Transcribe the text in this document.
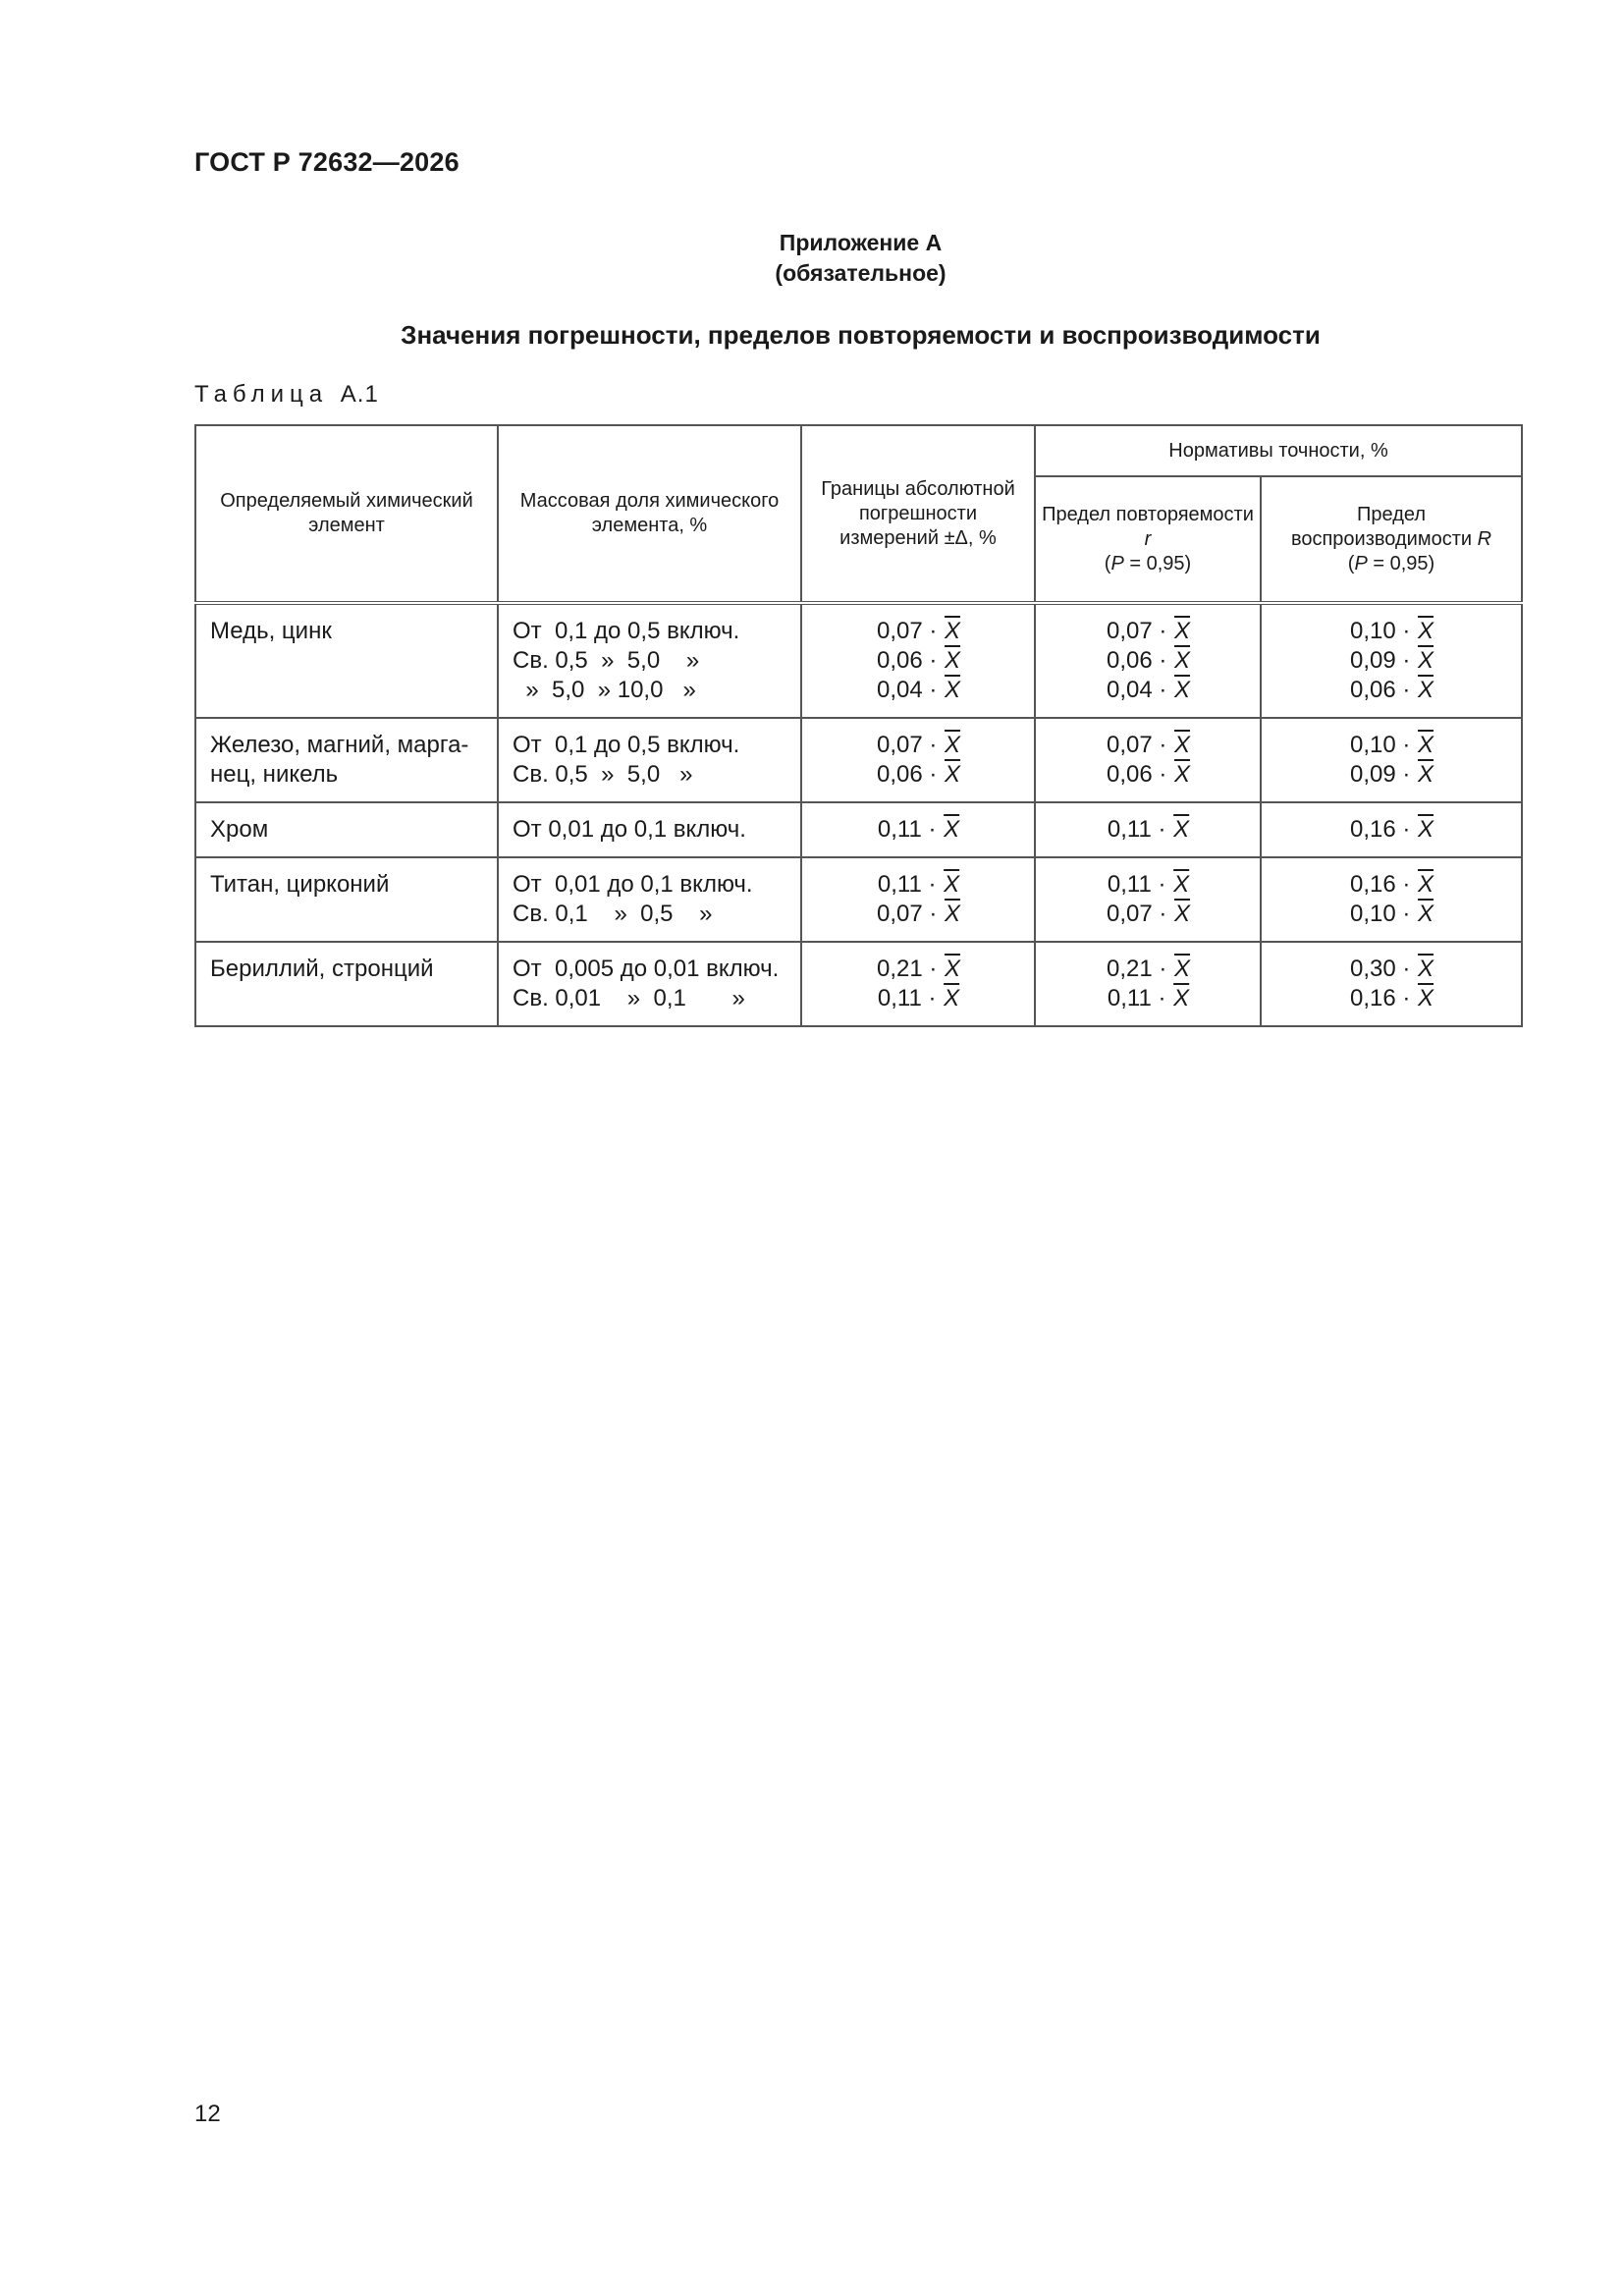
ГОСТ Р 72632—2026
Приложение А
(обязательное)
Значения погрешности, пределов повторяемости и воспроизводимости
Таблица А.1
Определяемый химический элемент	Массовая доля химического элемента, %	Границы абсолютной погрешности измерений ±Δ, %	Нормативы точности, %	
			Предел повторяемости r
(P = 0,95)	Предел воспроизводимости R
(P = 0,95)
Медь, цинк	От  0,1 до 0,5 включ.
Св. 0,5  »  5,0    »
»  5,0  » 10,0   »	$0,07 \cdot \overline{X}$
$0,06 \cdot \overline{X}$
$0,04 \cdot \overline{X}$	$0,07 \cdot \overline{X}$
$0,06 \cdot \overline{X}$
$0,04 \cdot \overline{X}$	$0,10 \cdot \overline{X}$
$0,09 \cdot \overline{X}$
$0,06 \cdot \overline{X}$

Железо, магний, марга-нец, никель	От  0,1 до 0,5 включ.
Св. 0,5  »  5,0   »	$0,07 \cdot \overline{X}$
$0,06 \cdot \overline{X}$	$0,07 \cdot \overline{X}$
$0,06 \cdot \overline{X}$	$0,10 \cdot \overline{X}$
$0,09 \cdot \overline{X}$

Хром	От 0,01 до 0,1 включ.	$0,11 \cdot \overline{X}$	$0,11 \cdot \overline{X}$	$0,16 \cdot \overline{X}$

Титан, цирконий	От  0,01 до 0,1 включ.
Св. 0,1    »  0,5    »	$0,11 \cdot \overline{X}$
$0,07 \cdot \overline{X}$	$0,11 \cdot \overline{X}$
$0,07 \cdot \overline{X}$	$0,16 \cdot \overline{X}$
$0,10 \cdot \overline{X}$

Бериллий, стронций	От  0,005 до 0,01 включ.
Св. 0,01    »  0,1       »	$0,21 \cdot \overline{X}$
$0,11 \cdot \overline{X}$	$0,21 \cdot \overline{X}$
$0,11 \cdot \overline{X}$	$0,30 \cdot \overline{X}$
$0,16 \cdot \overline{X}$
12
